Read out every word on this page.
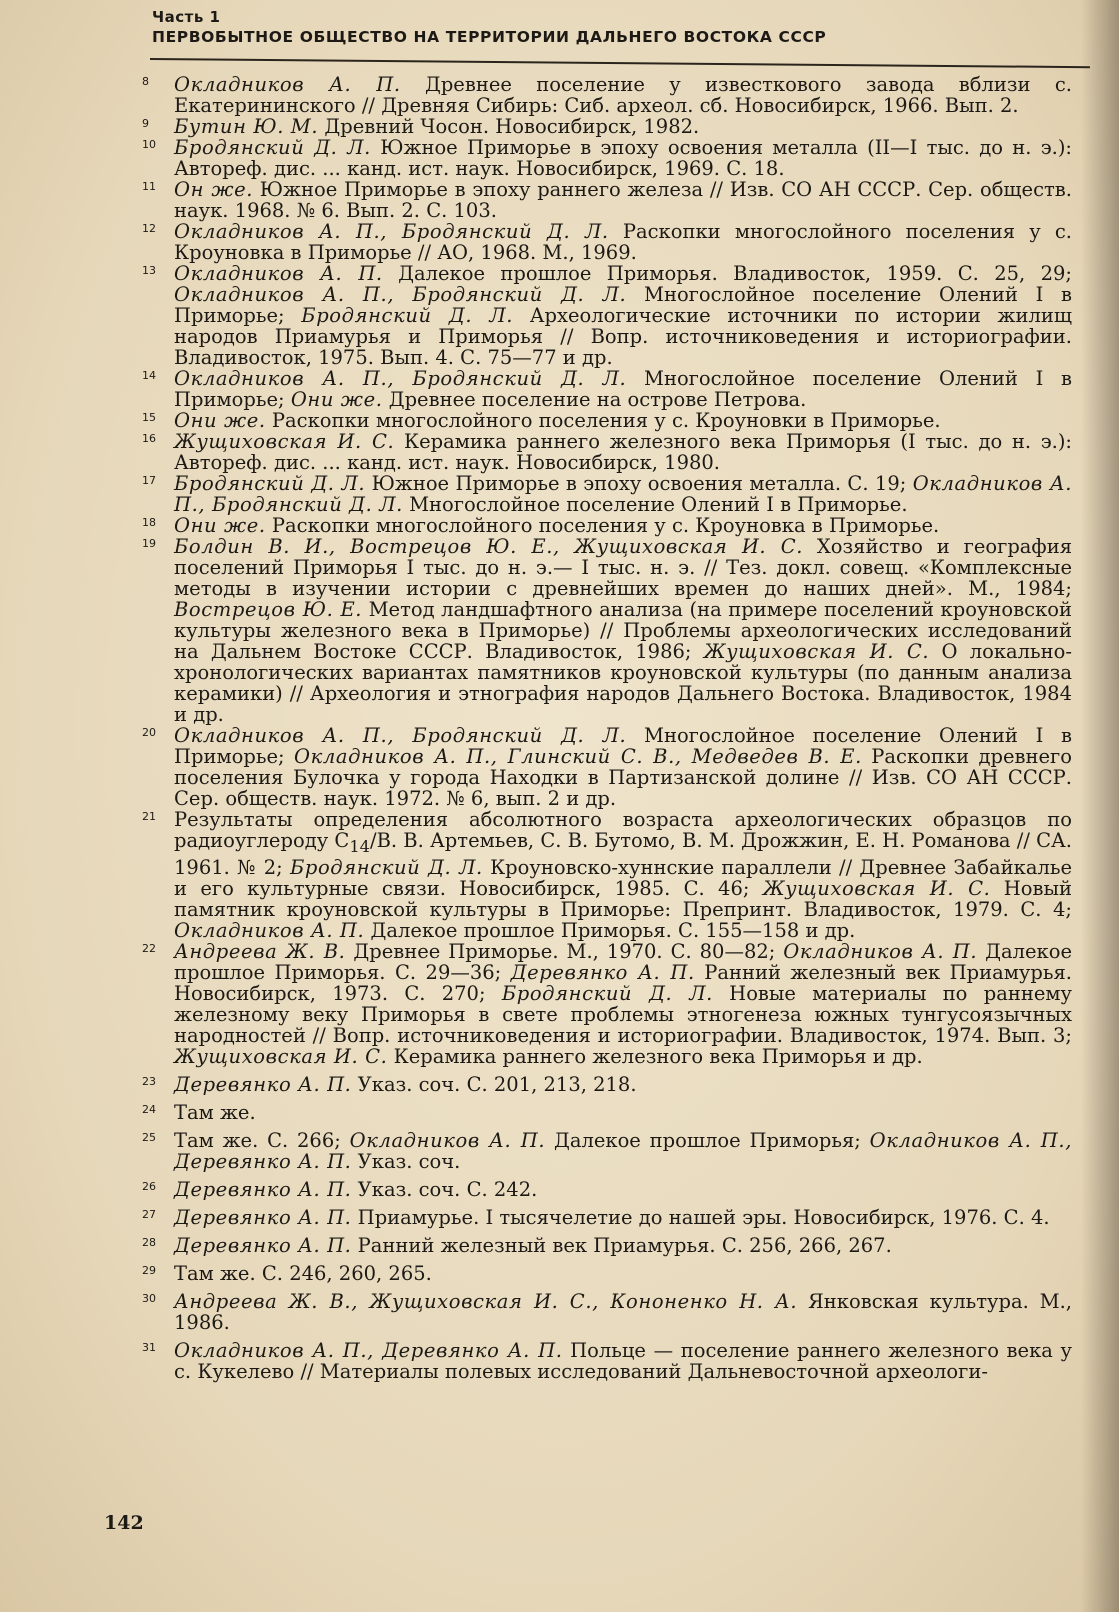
Часть 1
ПЕРВОБЫТНОЕ ОБЩЕСТВО НА ТЕРРИТОРИИ ДАЛЬНЕГО ВОСТОКА СССР
8 Окладников А. П. Древнее поселение у известкового завода вблизи с. Екатерининского // Древняя Сибирь: Сиб. археол. сб. Новосибирск, 1966. Вып. 2.
9 Бутин Ю. М. Древний Чосон. Новосибирск, 1982.
10 Бродянский Д. Л. Южное Приморье в эпоху освоения металла (II—I тыс. до н. э.): Автореф. дис. ... канд. ист. наук. Новосибирск, 1969. С. 18.
11 Он же. Южное Приморье в эпоху раннего железа // Изв. СО АН СССР. Сер. обществ. наук. 1968. № 6. Вып. 2. С. 103.
12 Окладников А. П., Бродянский Д. Л. Раскопки многослойного поселения у с. Кроуновка в Приморье // АО, 1968. М., 1969.
13 Окладников А. П. Далекое прошлое Приморья. Владивосток, 1959. С. 25, 29; Окладников А. П., Бродянский Д. Л. Многослойное поселение Олений I в Приморье; Бродянский Д. Л. Археологические источники по истории жилищ народов Приамурья и Приморья // Вопр. источниковедения и историографии. Владивосток, 1975. Вып. 4. С. 75—77 и др.
14 Окладников А. П., Бродянский Д. Л. Многослойное поселение Олений I в Приморье; Они же. Древнее поселение на острове Петрова.
15 Они же. Раскопки многослойного поселения у с. Кроуновки в Приморье.
16 Жущиховская И. С. Керамика раннего железного века Приморья (I тыс. до н. э.): Автореф. дис. ... канд. ист. наук. Новосибирск, 1980.
17 Бродянский Д. Л. Южное Приморье в эпоху освоения металла. С. 19; Окладников А. П., Бродянский Д. Л. Многослойное поселение Олений I в Приморье.
18 Они же. Раскопки многослойного поселения у с. Кроуновка в Приморье.
19 Болдин В. И., Вострецов Ю. Е., Жущиховская И. С. Хозяйство и география поселений Приморья I тыс. до н. э.— I тыс. н. э. // Тез. докл. совещ. «Комплексные методы в изучении истории с древнейших времен до наших дней». М., 1984; Вострецов Ю. Е. Метод ландшафтного анализа (на примере поселений кроуновской культуры железного века в Приморье) // Проблемы археологических исследований на Дальнем Востоке СССР. Владивосток, 1986; Жущиховская И. С. О локально-хронологических вариантах памятников кроуновской культуры (по данным анализа керамики) // Археология и этнография народов Дальнего Востока. Владивосток, 1984 и др.
20 Окладников А. П., Бродянский Д. Л. Многослойное поселение Олений I в Приморье; Окладников А. П., Глинский С. В., Медведев В. Е. Раскопки древнего поселения Булочка у города Находки в Партизанской долине // Изв. СО АН СССР. Сер. обществ. наук. 1972. № 6, вып. 2 и др.
21 Результаты определения абсолютного возраста археологических образцов по радиоуглероду $C_{14}/В$. В. Артемьев, С. В. Бутомо, В. М. Дрожжин, Е. Н. Романова // СА. 1961. № 2; Бродянский Д. Л. Кроуновско-хуннские параллели // Древнее Забайкалье и его культурные связи. Новосибирск, 1985. С. 46; Жущиховская И. С. Новый памятник кроуновской культуры в Приморье: Препринт. Владивосток, 1979. С. 4; Окладников А. П. Далекое прошлое Приморья. С. 155—158 и др.
22 Андреева Ж. В. Древнее Приморье. М., 1970. С. 80—82; Окладников А. П. Далекое прошлое Приморья. С. 29—36; Деревянко А. П. Ранний железный век Приамурья. Новосибирск, 1973. С. 270; Бродянский Д. Л. Новые материалы по раннему железному веку Приморья в свете проблемы этногенеза южных тунгусоязычных народностей // Вопр. источниковедения и историографии. Владивосток, 1974. Вып. 3; Жущиховская И. С. Керамика раннего железного века Приморья и др.
23 Деревянко А. П. Указ. соч. С. 201, 213, 218.
24 Там же.
25 Там же. С. 266; Окладников А. П. Далекое прошлое Приморья; Окладников А. П., Деревянко А. П. Указ. соч.
26 Деревянко А. П. Указ. соч. С. 242.
27 Деревянко А. П. Приамурье. I тысячелетие до нашей эры. Новосибирск, 1976. С. 4.
28 Деревянко А. П. Ранний железный век Приамурья. С. 256, 266, 267.
29 Там же. С. 246, 260, 265.
30 Андреева Ж. В., Жущиховская И. С., Кононенко Н. А. Янковская культура. М., 1986.
31 Окладников А. П., Деревянко А. П. Польце — поселение раннего железного века у с. Кукелево // Материалы полевых исследований Дальневосточной археологи-
142
